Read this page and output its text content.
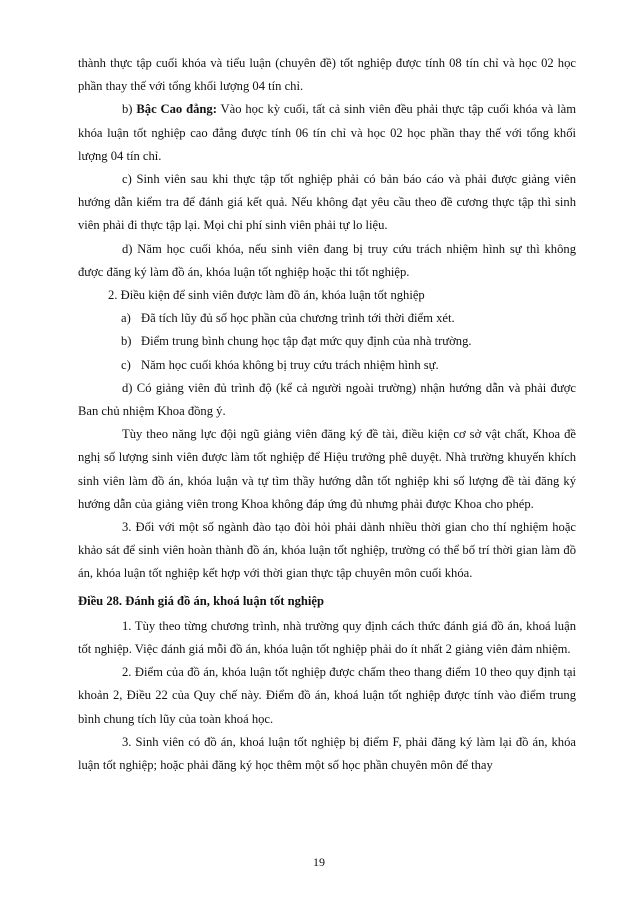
thành thực tập cuối khóa và tiểu luận (chuyên đề) tốt nghiệp được tính 08 tín chỉ và học 02 học phần thay thế với tổng khối lượng 04 tín chỉ.

b) Bậc Cao đẳng: Vào học kỳ cuối, tất cả sinh viên đều phải thực tập cuối khóa và làm khóa luận tốt nghiệp cao đẳng được tính 06 tín chỉ và học 02 học phần thay thế với tổng khối lượng 04 tín chỉ.

c) Sinh viên sau khi thực tập tốt nghiệp phải có bản báo cáo và phải được giảng viên hướng dẫn kiểm tra để đánh giá kết quả. Nếu không đạt yêu cầu theo đề cương thực tập thì sinh viên phải đi thực tập lại. Mọi chi phí sinh viên phải tự lo liệu.

d) Năm học cuối khóa, nếu sinh viên đang bị truy cứu trách nhiệm hình sự thì không được đăng ký làm đồ án, khóa luận tốt nghiệp hoặc thi tốt nghiệp.

2. Điều kiện để sinh viên được làm đồ án, khóa luận tốt nghiệp

a) Đã tích lũy đủ số học phần của chương trình tới thời điểm xét.

b) Điểm trung bình chung học tập đạt mức quy định của nhà trường.

c) Năm học cuối khóa không bị truy cứu trách nhiệm hình sự.

d) Có giảng viên đủ trình độ (kể cả người ngoài trường) nhận hướng dẫn và phải được Ban chủ nhiệm Khoa đồng ý.

Tùy theo năng lực đội ngũ giảng viên đăng ký đề tài, điều kiện cơ sở vật chất, Khoa đề nghị số lượng sinh viên được làm tốt nghiệp để Hiệu trưởng phê duyệt. Nhà trường khuyến khích sinh viên làm đồ án, khóa luận và tự tìm thầy hướng dẫn tốt nghiệp khi số lượng đề tài đăng ký hướng dẫn của giảng viên trong Khoa không đáp ứng đủ nhưng phải được Khoa cho phép.

3. Đối với một số ngành đào tạo đòi hỏi phải dành nhiều thời gian cho thí nghiệm hoặc khảo sát để sinh viên hoàn thành đồ án, khóa luận tốt nghiệp, trường có thể bố trí thời gian làm đồ án, khóa luận tốt nghiệp kết hợp với thời gian thực tập chuyên môn cuối khóa.

Điều 28. Đánh giá đồ án, khoá luận tốt nghiệp

1. Tùy theo từng chương trình, nhà trường quy định cách thức đánh giá đồ án, khoá luận tốt nghiệp. Việc đánh giá mỗi đồ án, khóa luận tốt nghiệp phải do ít nhất 2 giảng viên đảm nhiệm.

2. Điểm của đồ án, khóa luận tốt nghiệp được chấm theo thang điểm 10 theo quy định tại khoản 2, Điều 22 của Quy chế này. Điểm đồ án, khoá luận tốt nghiệp được tính vào điểm trung bình chung tích lũy của toàn khoá học.

3. Sinh viên có đồ án, khoá luận tốt nghiệp bị điểm F, phải đăng ký làm lại đồ án, khóa luận tốt nghiệp; hoặc phải đăng ký học thêm một số học phần chuyên môn để thay

19
